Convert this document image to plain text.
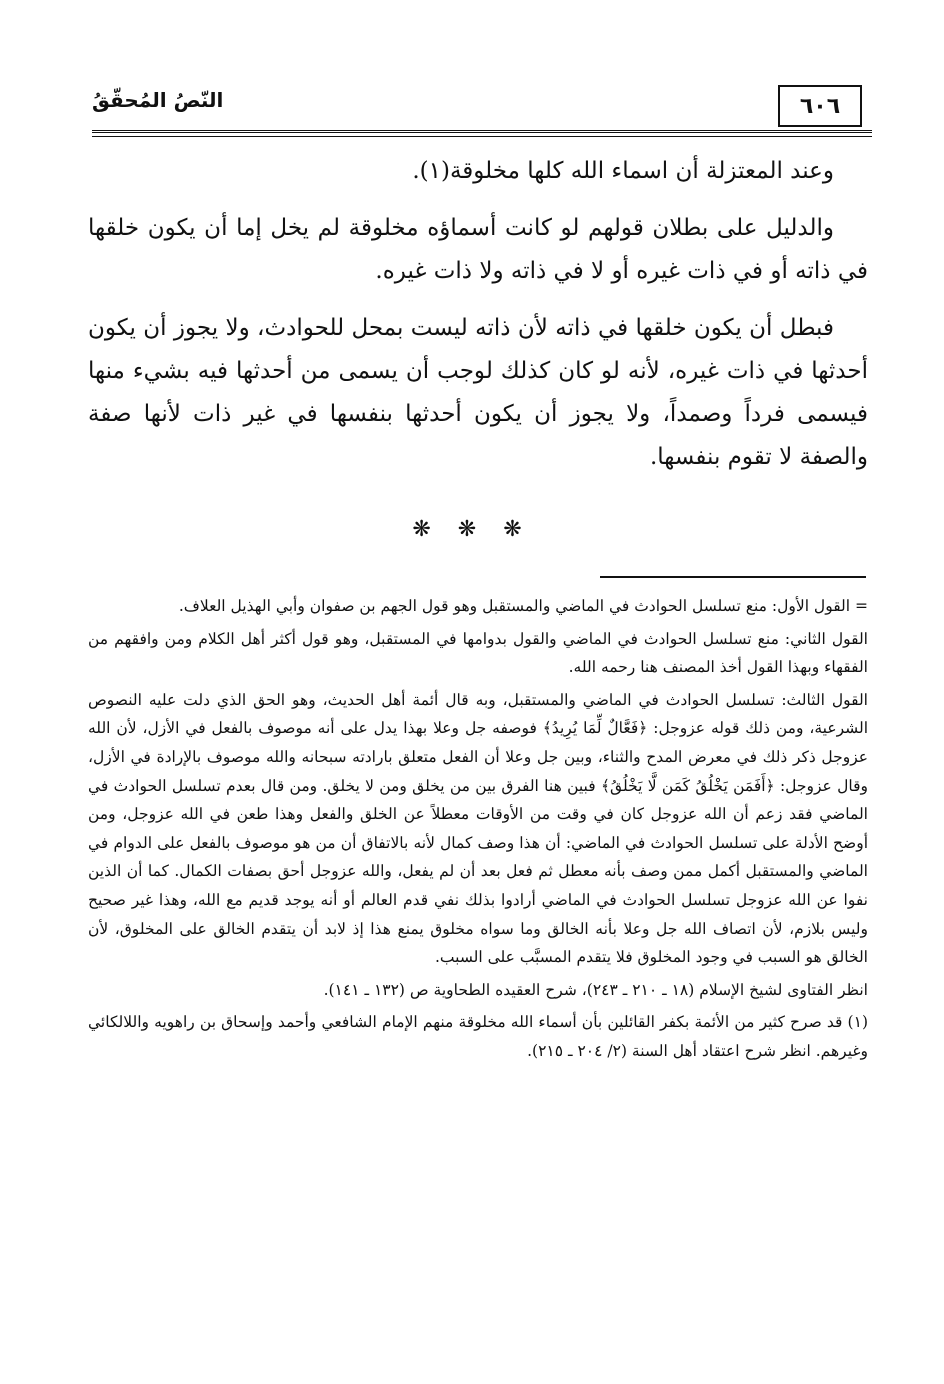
٦٠٦
النّصُ المُحقّقُ

وعند المعتزلة أن اسماء الله كلها مخلوقة(١).

والدليل على بطلان قولهم لو كانت أسماؤه مخلوقة لم يخل إما أن يكون خلقها في ذاته أو في ذات غيره أو لا في ذاته ولا ذات غيره.

فبطل أن يكون خلقها في ذاته لأن ذاته ليست بمحل للحوادث، ولا يجوز أن يكون أحدثها في ذات غيره، لأنه لو كان كذلك لوجب أن يسمى من أحدثها فيه بشيء منها فيسمى فرداً وصمداً، ولا يجوز أن يكون أحدثها بنفسها في غير ذات لأنها صفة والصفة لا تقوم بنفسها.

❋ ❋ ❋

= القول الأول: منع تسلسل الحوادث في الماضي والمستقبل وهو قول الجهم بن صفوان وأبي الهذيل العلاف.

القول الثاني: منع تسلسل الحوادث في الماضي والقول بدوامها في المستقبل، وهو قول أكثر أهل الكلام ومن وافقهم من الفقهاء وبهذا القول أخذ المصنف هنا رحمه الله.

القول الثالث: تسلسل الحوادث في الماضي والمستقبل، وبه قال أئمة أهل الحديث، وهو الحق الذي دلت عليه النصوص الشرعية، ومن ذلك قوله عزوجل: ﴿فَعَّالٌ لِّمَا يُرِيدُ﴾ فوصفه جل وعلا بهذا يدل على أنه موصوف بالفعل في الأزل، لأن الله عزوجل ذكر ذلك في معرض المدح والثناء، وبين جل وعلا أن الفعل متعلق بارادته سبحانه والله موصوف بالإرادة في الأزل، وقال عزوجل: ﴿أَفَمَن يَخْلُقُ كَمَن لَّا يَخْلُقُ﴾ فبين هنا الفرق بين من يخلق ومن لا يخلق. ومن قال بعدم تسلسل الحوادث في الماضي فقد زعم أن الله عزوجل كان في وقت من الأوقات معطلاً عن الخلق والفعل وهذا طعن في الله عزوجل، ومن أوضح الأدلة على تسلسل الحوادث في الماضي: أن هذا وصف كمال لأنه بالاتفاق أن من هو موصوف بالفعل على الدوام في الماضي والمستقبل أكمل ممن وصف بأنه معطل ثم فعل بعد أن لم يفعل، والله عزوجل أحق بصفات الكمال. كما أن الذين نفوا عن الله عزوجل تسلسل الحوادث في الماضي أرادوا بذلك نفي قدم العالم أو أنه يوجد قديم مع الله، وهذا غير صحيح وليس بلازم، لأن اتصاف الله جل وعلا بأنه الخالق وما سواه مخلوق يمنع هذا إذ لابد أن يتقدم الخالق على المخلوق، لأن الخالق هو السبب في وجود المخلوق فلا يتقدم المسبَّب على السبب.

انظر الفتاوى لشيخ الإسلام (١٨ ـ ٢١٠ ـ ٢٤٣)، شرح العقيده الطحاوية ص (١٣٢ ـ ١٤١).

(١) قد صرح كثير من الأئمة بكفر القائلين بأن أسماء الله مخلوقة منهم الإمام الشافعي وأحمد وإسحاق بن راهويه واللالكائي وغيرهم. انظر شرح اعتقاد أهل السنة (٢/ ٢٠٤ ـ ٢١٥).
